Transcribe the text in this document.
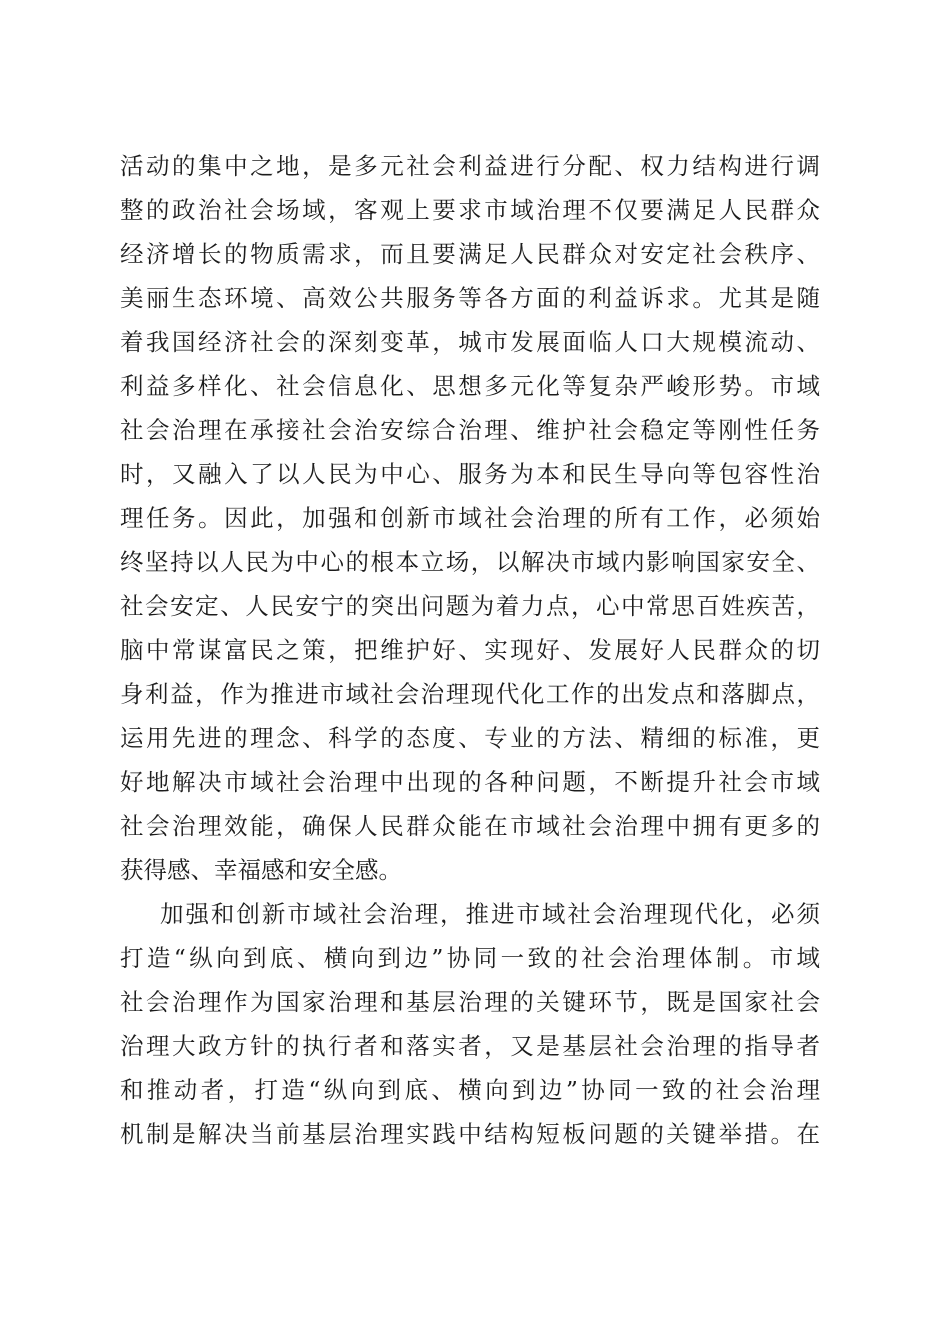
活动的集中之地，是多元社会利益进行分配、权力结构进行调
整的政治社会场域，客观上要求市域治理不仅要满足人民群众
经济增长的物质需求，而且要满足人民群众对安定社会秩序、
美丽生态环境、高效公共服务等各方面的利益诉求。尤其是随
着我国经济社会的深刻变革，城市发展面临人口大规模流动、
利益多样化、社会信息化、思想多元化等复杂严峻形势。市域
社会治理在承接社会治安综合治理、维护社会稳定等刚性任务
时，又融入了以人民为中心、服务为本和民生导向等包容性治
理任务。因此，加强和创新市域社会治理的所有工作，必须始
终坚持以人民为中心的根本立场，以解决市域内影响国家安全、
社会安定、人民安宁的突出问题为着力点，心中常思百姓疾苦，
脑中常谋富民之策，把维护好、实现好、发展好人民群众的切
身利益，作为推进市域社会治理现代化工作的出发点和落脚点，
运用先进的理念、科学的态度、专业的方法、精细的标准，更
好地解决市域社会治理中出现的各种问题，不断提升社会市域
社会治理效能，确保人民群众能在市域社会治理中拥有更多的
获得感、幸福感和安全感。
加强和创新市域社会治理，推进市域社会治理现代化，必须
打造“纵向到底、横向到边”协同一致的社会治理体制。市域
社会治理作为国家治理和基层治理的关键环节，既是国家社会
治理大政方针的执行者和落实者，又是基层社会治理的指导者
和推动者，打造“纵向到底、横向到边”协同一致的社会治理
机制是解决当前基层治理实践中结构短板问题的关键举措。在
